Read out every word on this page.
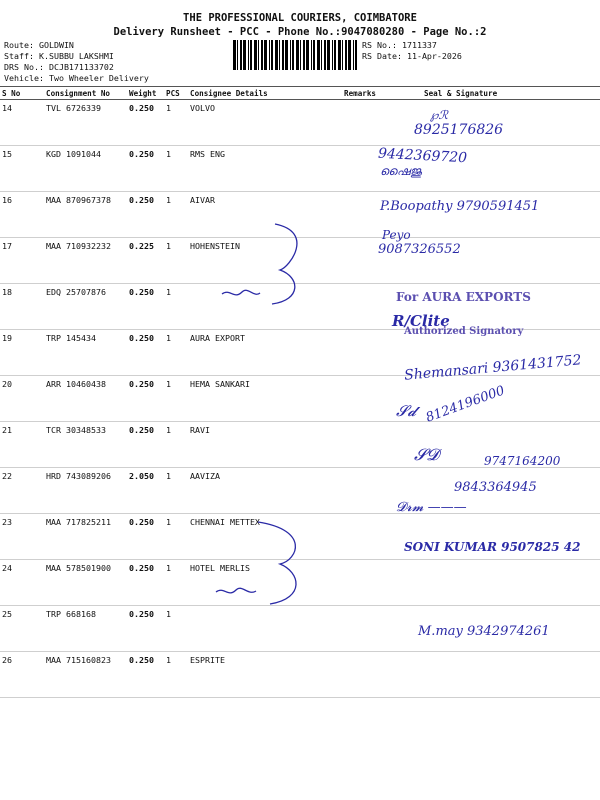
THE PROFESSIONAL COURIERS, COIMBATORE
Delivery Runsheet - PCC - Phone No.:9047080280 - Page No.:2
Route: GOLDWIN
Staff: K.SUBBU LAKSHMI
DRS No.: DCJB171133702
Vehicle: Two Wheeler Delivery
RS No.: 1711337
RS Date: 11-Apr-2026
S No	Consignment No	Weight	PCS	Consignee Details	Remarks	Seal & Signature
14	TVL 6726339	0.250	1	VOLVO		
15	KGD 1091044	0.250	1	RMS ENG		
16	MAA 870967378	0.250	1	AIVAR		
17	MAA 710932232	0.225	1	HOHENSTEIN		
18	EDQ 25707876	0.250	1			
19	TRP 145434	0.250	1	AURA EXPORT		
20	ARR 10460438	0.250	1	HEMA SANKARI		
21	TCR 30348533	0.250	1	RAVI		
22	HRD 743089206	2.050	1	AAVIZA		
23	MAA 717825211	0.250	1	CHENNAI METTEX		
24	MAA 578501900	0.250	1	HOTEL MERLIS		
25	TRP 668168	0.250	1			
26	MAA 715160823	0.250	1	ESPRITE		
℘ℛ
8925176826
9442369720
ഷൈജു
P.Boopathy 9790591451
Peyo
9087326552
For AURA EXPORTS
R/Clite
Authorized Signatory
Shemansari 9361431752
𝓢𝓭 8124196000
𝓢𝓓	9747164200
9843364945
𝓓𝓻𝓶 ———
SONI KUMAR 9507825 42
M.may 9342974261
